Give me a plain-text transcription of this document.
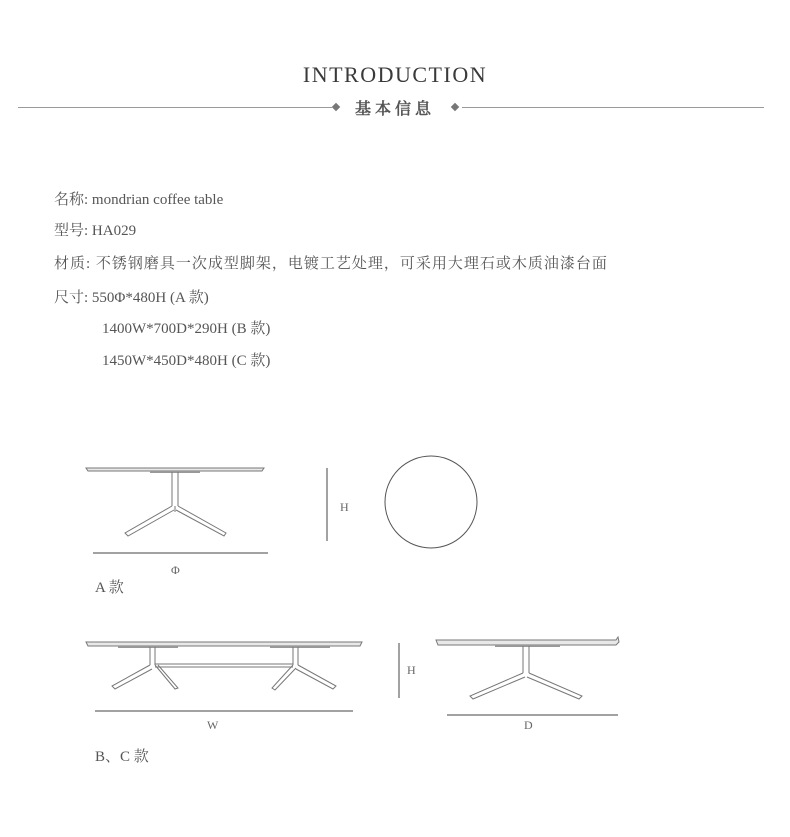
INTRODUCTION
基本信息
名称: mondrian coffee table
型号: HA029
材质: 不锈钢磨具一次成型脚架，电镀工艺处理，可采用大理石或木质油漆台面
尺寸: 550Φ*480H (A 款)
1400W*700D*290H (B 款)
1450W*450D*480H (C 款)
H
Φ
A 款
H
W	D
B、C 款
